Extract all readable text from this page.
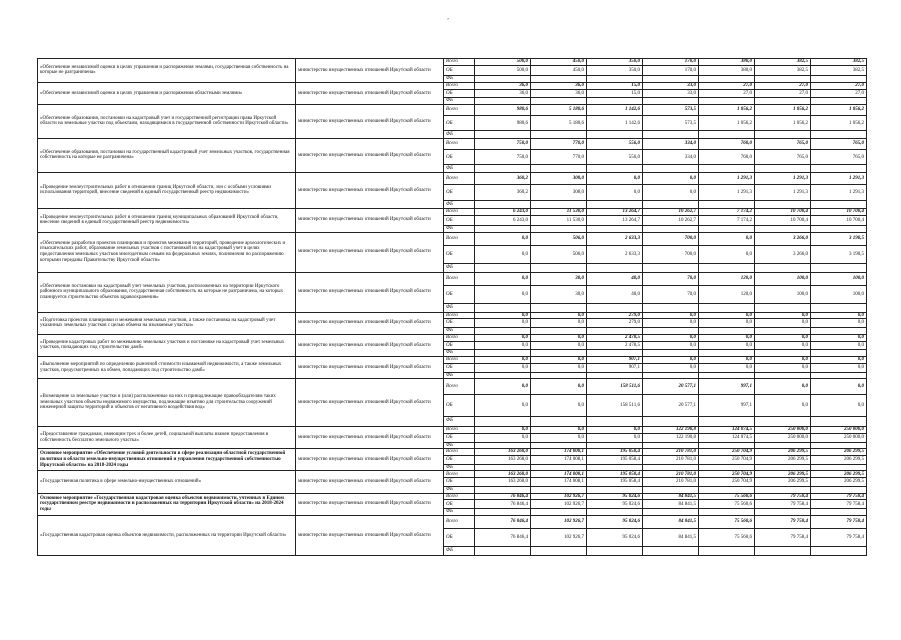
’
«Обеспечение независимой оценки в целях управления и распоряжения землями, государственная собственность на которые не разграничена»	министерство имущественных отношений Иркутской области	Всего	500,0	450,0	350,0	170,0	380,0	382,5	382,5
		ОБ	500,0	450,0	350,0	170,0	380,0	382,5	382,5
		ФБ							
«Обеспечение независимой оценки в целях управления и распоряжения областными землями»	министерство имущественных отношений Иркутской области	Всего	36,0	36,0	15,0	33,0	27,0	27,0	27,0
		ОБ	36,0	36,0	15,0	33,0	27,0	27,0	27,0
		ФБ							
«Обеспечение образования, постановки на кадастровый учет и государственной регистрации права Иркутской области на земельные участки под объектами, находящимися в государственной собственности Иркутской области»	министерство имущественных отношений Иркутской области	Всего	980,6	5 180,6	1 142,6	573,5	1 056,2	1 056,2	1 056,2
		ОБ	980,6	5 180,6	1 142,6	573,5	1 056,2	1 056,2	1 056,2
		ФБ							
«Обеспечение образования, постановки на государственный кадастровый учет земельных участков, государственная собственность на которые не разграничена»	министерство имущественных отношений Иркутской области	Всего	750,0	770,0	556,0	334,0	760,0	765,0	765,0
		ОБ	750,0	770,0	556,0	334,0	760,0	765,0	765,0
		ФБ							
«Проведение землеустроительных работ в отношении границ Иркутской области, зон с особыми условиями использования территорий, внесение сведений в единый государственный реестр недвижимости»	министерство имущественных отношений Иркутской области	Всего	360,2	308,0	0,0	0,0	1 291,3	1 291,3	1 291,3
		ОБ	360,2	308,0	0,0	0,0	1 291,3	1 291,3	1 291,3
		ФБ							
«Проведение землеустроительных работ в отношении границ муниципальных образований Иркутской области, внесение сведений в единый государственный реестр недвижимости»	министерство имущественных отношений Иркутской области	Всего	6 243,0	11 530,0	13 264,7	10 262,7	7 174,2	10 700,4	10 700,4
		ОБ	6 243,0	11 530,0	13 264,7	10 262,7	7 174,2	10 700,4	10 700,4
		ФБ							
«Обеспечение разработки проектов планировки и проектов межевания территорий, проведение археологических и изыскательских работ, образование земельных участков с постановкой их на кадастровый учет в целях предоставления земельных участков многодетным семьям на федеральных землях, полномочия по распоряжению которыми переданы Правительству Иркутской области»	министерство имущественных отношений Иркутской области	Всего	0,0	506,0	2 633,3	700,0	0,0	3 266,0	3 190,5
		ОБ	0,0	506,0	2 633,3	700,0	0,0	3 266,0	3 190,5
		ФБ							
«Обеспечение постановки на кадастровый учет земельных участков, расположенных на территории Иркутского районного муниципального образования, государственная собственность на которые не разграничена, на которых планируется строительство объектов здравоохранения»	министерство имущественных отношений Иркутской области	Всего	0,0	30,0	40,0	70,0	120,0	100,0	100,0
		ОБ	0,0	30,0	40,0	70,0	120,0	100,0	100,0
		ФБ							
«Подготовка проектов планировки и межевания земельных участков, а также постановка на кадастровый учет указанных земельных участков с целью обмена на изымаемые участки»	министерство имущественных отношений Иркутской области	Всего	0,0	0,0	279,0	0,0	0,0	0,0	0,0
		ОБ	0,0	0,0	279,0	0,0	0,0	0,0	0,0
		ФБ							
«Проведение кадастровых работ по межеванию земельных участков и постановке на кадастровый учет земельных участков, попадающих под строительство дамб»	министерство имущественных отношений Иркутской области	Всего	0,0	0,0	2 478,5	0,0	0,0	0,0	0,0
		ОБ	0,0	0,0	2 478,5	0,0	0,0	0,0	0,0
		ФБ							
«Выполнение мероприятий по определению рыночной стоимости изымаемой недвижимости, а также земельных участков, предусмотренных на обмен, попадающих под строительство дамб»	министерство имущественных отношений Иркутской области	Всего	0,0	0,0	907,1	0,0	0,0	0,0	0,0
		ОБ	0,0	0,0	907,1	0,0	0,0	0,0	0,0
		ФБ							
«Возмещение за земельные участки и (или) расположенные на них и принадлежащие правообладателям таких земельных участков объекты недвижимого имущества, подлежащие изъятию для строительства сооружений инженерной защиты территорий и объектов от негативного воздействия вод»	министерство имущественных отношений Иркутской области	Всего	0,0	0,0	158 511,6	20 577,1	997,1	0,0	0,0
		ОБ	0,0	0,0	158 511,6	20 577,1	997,1	0,0	0,0
		ФБ							
«Предоставление гражданам, имеющим трех и более детей, социальной выплаты взамен предоставления в собственность бесплатно земельного участка»	министерство имущественных отношений Иркутской области	Всего	0,0	0,0	0,0	122 190,8	124 074,5	250 000,0	250 000,0
		ОБ	0,0	0,0	0,0	122 190,8	124 074,5	250 000,0	250 000,0
		ФБ							
Основное мероприятие «Обеспечение условий деятельности в сфере реализации областной государственной политики в области земельно-имущественных отношений и управления государственной собственностью Иркутской области» на 2018-2024 годы	министерство имущественных отношений Иркутской области	Всего	163 268,0	174 008,1	195 058,4	210 781,0	250 704,9	206 299,5	206 299,5
		ОБ	163 268,0	174 008,1	195 058,4	210 781,0	250 704,9	206 299,5	206 299,5
		ФБ							
«Государственная политика в сфере земельно-имущественных отношений»	министерство имущественных отношений Иркутской области	Всего	163 268,0	174 008,1	195 058,4	210 781,0	250 704,9	206 299,5	206 299,5
		ОБ	163 268,0	174 008,1	195 058,4	210 781,0	250 704,9	206 299,5	206 299,5
		ФБ							
Основное мероприятие «Государственная кадастровая оценка объектов недвижимости, учтенных в Едином государственном реестре недвижимости и расположенных на территории Иркутской области» на 2018-2024 годы	министерство имущественных отношений Иркутской области	Всего	76 846,4	102 926,7	95 024,6	84 841,5	75 560,6	79 758,4	79 758,4
		ОБ	76 846,4	102 926,7	95 024,6	84 841,5	75 560,6	79 758,4	79 758,4
		ФБ							
«Государственная кадастровая оценка объектов недвижимости, расположенных на территории Иркутской области»	министерство имущественных отношений Иркутской области	Всего	76 846,4	102 926,7	95 024,6	84 841,5	75 560,6	79 758,4	79 758,4
		ОБ	76 846,4	102 926,7	95 024,6	84 841,5	75 560,6	79 758,4	79 758,4
		ФБ							
